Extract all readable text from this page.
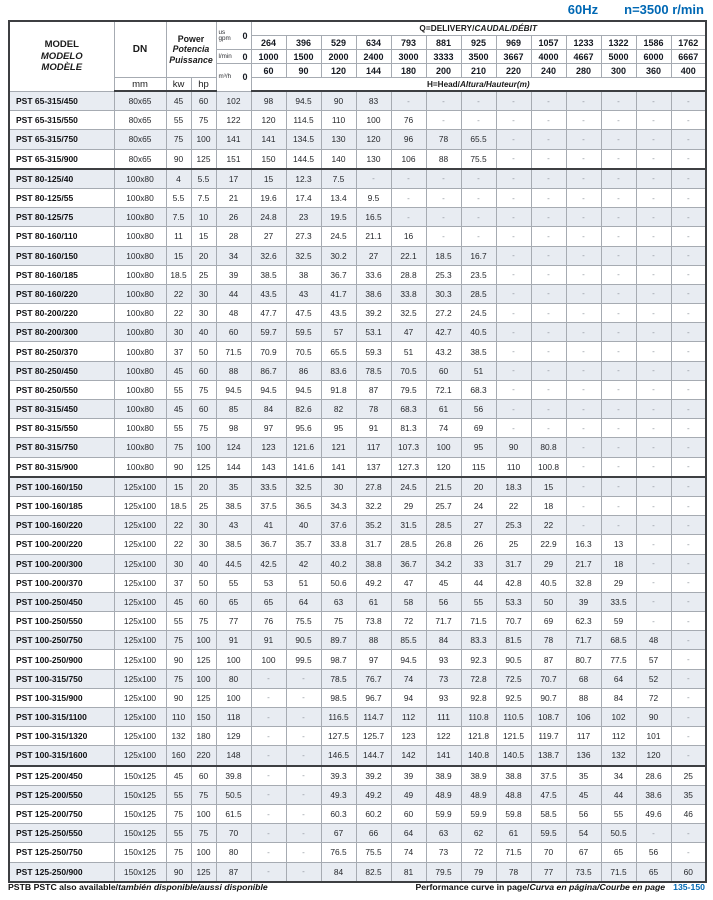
60Hz n=3500 r/min
MODEL
MODELO
MODÈLE
	DN	
Power
Potencia
Puissance

us gpm	0
	Q=DELIVERY/CAUDAL/DÉBIT
					264	396	529	634	793	881	925	969	1057	1233	1322	1586	1762

				l/min 0	1000	1500	2000	2400	3000	3333	3500	3667	4000	4667	5000	6000	6667

				m³/h 0	60	90	120	144	180	200	210	220	240	280	300	360	400
	mm	kw	hp		H=Head/Altura/Hauteur(m)												
PST 65-315/450	80x65	45	60	102	98	94.5	90	83	-	-	-	-	-	-	-	-	-
PST 65-315/550	80x65	55	75	122	120	114.5	110	100	76	-	-	-	-	-	-	-	-
PST 65-315/750	80x65	75	100	141	141	134.5	130	120	96	78	65.5	-	-	-	-	-	-
PST 65-315/900	80x65	90	125	151	150	144.5	140	130	106	88	75.5	-	-	-	-	-	-
PST 80-125/40	100x80	4	5.5	17	15	12.3	7.5	-	-	-	-	-	-	-	-	-	-
PST 80-125/55	100x80	5.5	7.5	21	19.6	17.4	13.4	9.5	-	-	-	-	-	-	-	-	-
PST 80-125/75	100x80	7.5	10	26	24.8	23	19.5	16.5	-	-	-	-	-	-	-	-	-
PST 80-160/110	100x80	11	15	28	27	27.3	24.5	21.1	16	-	-	-	-	-	-	-	-
PST 80-160/150	100x80	15	20	34	32.6	32.5	30.2	27	22.1	18.5	16.7	-	-	-	-	-	-
PST 80-160/185	100x80	18.5	25	39	38.5	38	36.7	33.6	28.8	25.3	23.5	-	-	-	-	-	-
PST 80-160/220	100x80	22	30	44	43.5	43	41.7	38.6	33.8	30.3	28.5	-	-	-	-	-	-
PST 80-200/220	100x80	22	30	48	47.7	47.5	43.5	39.2	32.5	27.2	24.5	-	-	-	-	-	-
PST 80-200/300	100x80	30	40	60	59.7	59.5	57	53.1	47	42.7	40.5	-	-	-	-	-	-
PST 80-250/370	100x80	37	50	71.5	70.9	70.5	65.5	59.3	51	43.2	38.5	-	-	-	-	-	-
PST 80-250/450	100x80	45	60	88	86.7	86	83.6	78.5	70.5	60	51	-	-	-	-	-	-
PST 80-250/550	100x80	55	75	94.5	94.5	94.5	91.8	87	79.5	72.1	68.3	-	-	-	-	-	-
PST 80-315/450	100x80	45	60	85	84	82.6	82	78	68.3	61	56	-	-	-	-	-	-
PST 80-315/550	100x80	55	75	98	97	95.6	95	91	81.3	74	69	-	-	-	-	-	-
PST 80-315/750	100x80	75	100	124	123	121.6	121	117	107.3	100	95	90	80.8	-	-	-	-
PST 80-315/900	100x80	90	125	144	143	141.6	141	137	127.3	120	115	110	100.8	-	-	-	-
PST 100-160/150	125x100	15	20	35	33.5	32.5	30	27.8	24.5	21.5	20	18.3	15	-	-	-	-
PST 100-160/185	125x100	18.5	25	38.5	37.5	36.5	34.3	32.2	29	25.7	24	22	18	-	-	-	-
PST 100-160/220	125x100	22	30	43	41	40	37.6	35.2	31.5	28.5	27	25.3	22	-	-	-	-
PST 100-200/220	125x100	22	30	38.5	36.7	35.7	33.8	31.7	28.5	26.8	26	25	22.9	16.3	13	-	-
PST 100-200/300	125x100	30	40	44.5	42.5	42	40.2	38.8	36.7	34.2	33	31.7	29	21.7	18	-	-
PST 100-200/370	125x100	37	50	55	53	51	50.6	49.2	47	45	44	42.8	40.5	32.8	29	-	-
PST 100-250/450	125x100	45	60	65	65	64	63	61	58	56	55	53.3	50	39	33.5	-	-
PST 100-250/550	125x100	55	75	77	76	75.5	75	73.8	72	71.7	71.5	70.7	69	62.3	59	-	-
PST 100-250/750	125x100	75	100	91	91	90.5	89.7	88	85.5	84	83.3	81.5	78	71.7	68.5	48	-
PST 100-250/900	125x100	90	125	100	100	99.5	98.7	97	94.5	93	92.3	90.5	87	80.7	77.5	57	-
PST 100-315/750	125x100	75	100	80	-	-	78.5	76.7	74	73	72.8	72.5	70.7	68	64	52	-
PST 100-315/900	125x100	90	125	100	-	-	98.5	96.7	94	93	92.8	92.5	90.7	88	84	72	-
PST 100-315/1100	125x100	110	150	118	-	-	116.5	114.7	112	111	110.8	110.5	108.7	106	102	90	-
PST 100-315/1320	125x100	132	180	129	-	-	127.5	125.7	123	122	121.8	121.5	119.7	117	112	101	-
PST 100-315/1600	125x100	160	220	148	-	-	146.5	144.7	142	141	140.8	140.5	138.7	136	132	120	-
PST 125-200/450	150x125	45	60	39.8	-	-	39.3	39.2	39	38.9	38.9	38.8	37.5	35	34	28.6	25
PST 125-200/550	150x125	55	75	50.5	-	-	49.3	49.2	49	48.9	48.9	48.8	47.5	45	44	38.6	35
PST 125-200/750	150x125	75	100	61.5	-	-	60.3	60.2	60	59.9	59.9	59.8	58.5	56	55	49.6	46
PST 125-250/550	150x125	55	75	70	-	-	67	66	64	63	62	61	59.5	54	50.5	-	-
PST 125-250/750	150x125	75	100	80	-	-	76.5	75.5	74	73	72	71.5	70	67	65	56	-
PST 125-250/900	150x125	90	125	87	-	-	84	82.5	81	79.5	79	78	77	73.5	71.5	65	60
PSTB PSTC also available/también disponible/aussi disponible	Performance curve in page/Curva en página/Courbe en page 135-150
